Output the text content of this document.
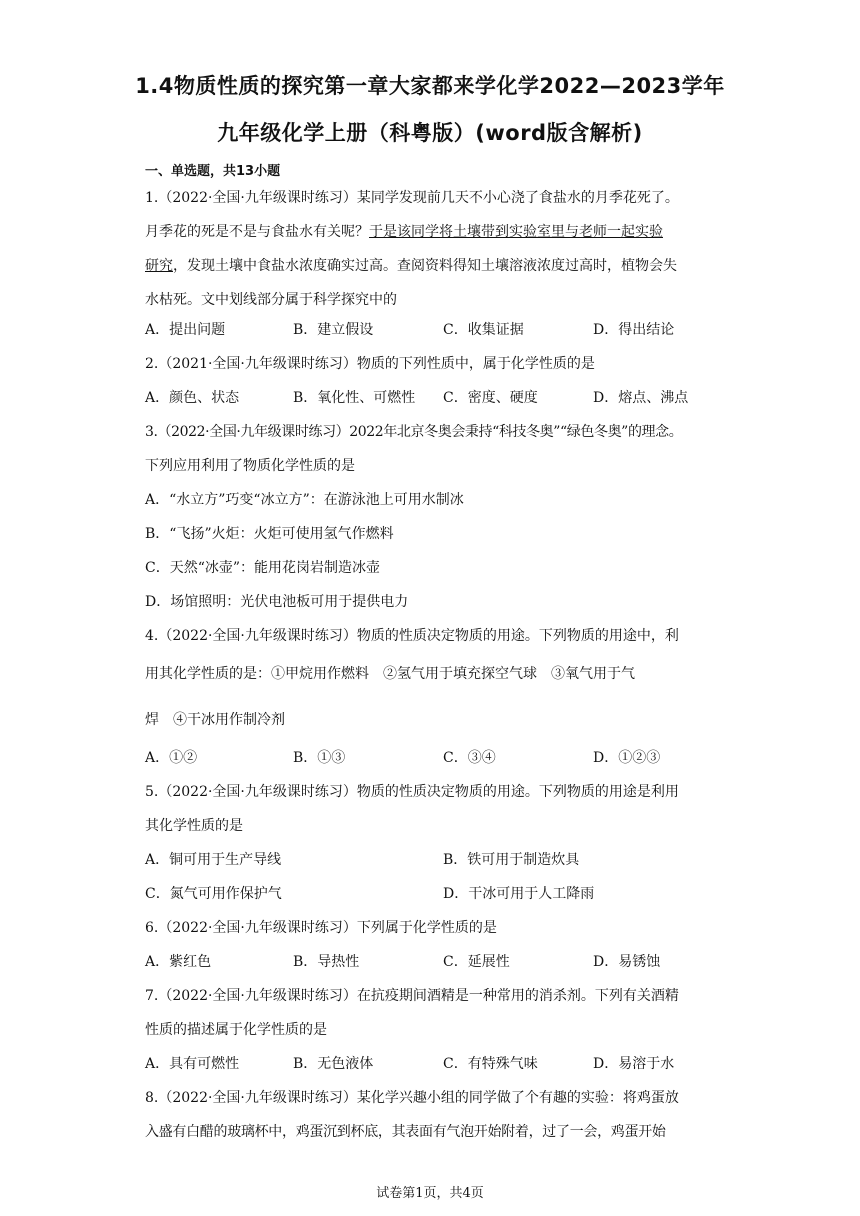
1.4物质性质的探究第一章大家都来学化学2022—2023学年
九年级化学上册（科粤版）(word版含解析)
一、单选题，共13小题
1.（2022·全国·九年级课时练习）某同学发现前几天不小心浇了食盐水的月季花死了。
月季花的死是不是与食盐水有关呢？于是该同学将土壤带到实验室里与老师一起实验
研究，发现土壤中食盐水浓度确实过高。查阅资料得知土壤溶液浓度过高时，植物会失
水枯死。文中划线部分属于科学探究中的
A．提出问题	B．建立假设	C．收集证据	D．得出结论
2.（2021·全国·九年级课时练习）物质的下列性质中，属于化学性质的是
A．颜色、状态	B．氧化性、可燃性 C．密度、硬度	D．熔点、沸点
3.（2022·全国·九年级课时练习）2022年北京冬奥会秉持“科技冬奥”“绿色冬奥”的理念。
下列应用利用了物质化学性质的是
A．“水立方”巧变“冰立方”：在游泳池上可用水制冰
B．“飞扬”火炬：火炬可使用氢气作燃料
C．天然“冰壶”：能用花岗岩制造冰壶
D．场馆照明：光伏电池板可用于提供电力
4.（2022·全国·九年级课时练习）物质的性质决定物质的用途。下列物质的用途中，利
用其化学性质的是：①甲烷用作燃料　②氢气用于填充探空气球　③氧气用于气
焊　④干冰用作制冷剂
A．①②	B．①③	C．③④	D．①②③
5.（2022·全国·九年级课时练习）物质的性质决定物质的用途。下列物质的用途是利用
其化学性质的是
A．铜可用于生产导线	B．铁可用于制造炊具
C．氮气可用作保护气	D．干冰可用于人工降雨
6.（2022·全国·九年级课时练习）下列属于化学性质的是
A．紫红色	B．导热性	C．延展性	D．易锈蚀
7.（2022·全国·九年级课时练习）在抗疫期间酒精是一种常用的消杀剂。下列有关酒精
性质的描述属于化学性质的是
A．具有可燃性	B．无色液体	C．有特殊气味	D．易溶于水
8.（2022·全国·九年级课时练习）某化学兴趣小组的同学做了个有趣的实验：将鸡蛋放
入盛有白醋的玻璃杯中，鸡蛋沉到杯底，其表面有气泡开始附着，过了一会，鸡蛋开始
试卷第1页，共4页
